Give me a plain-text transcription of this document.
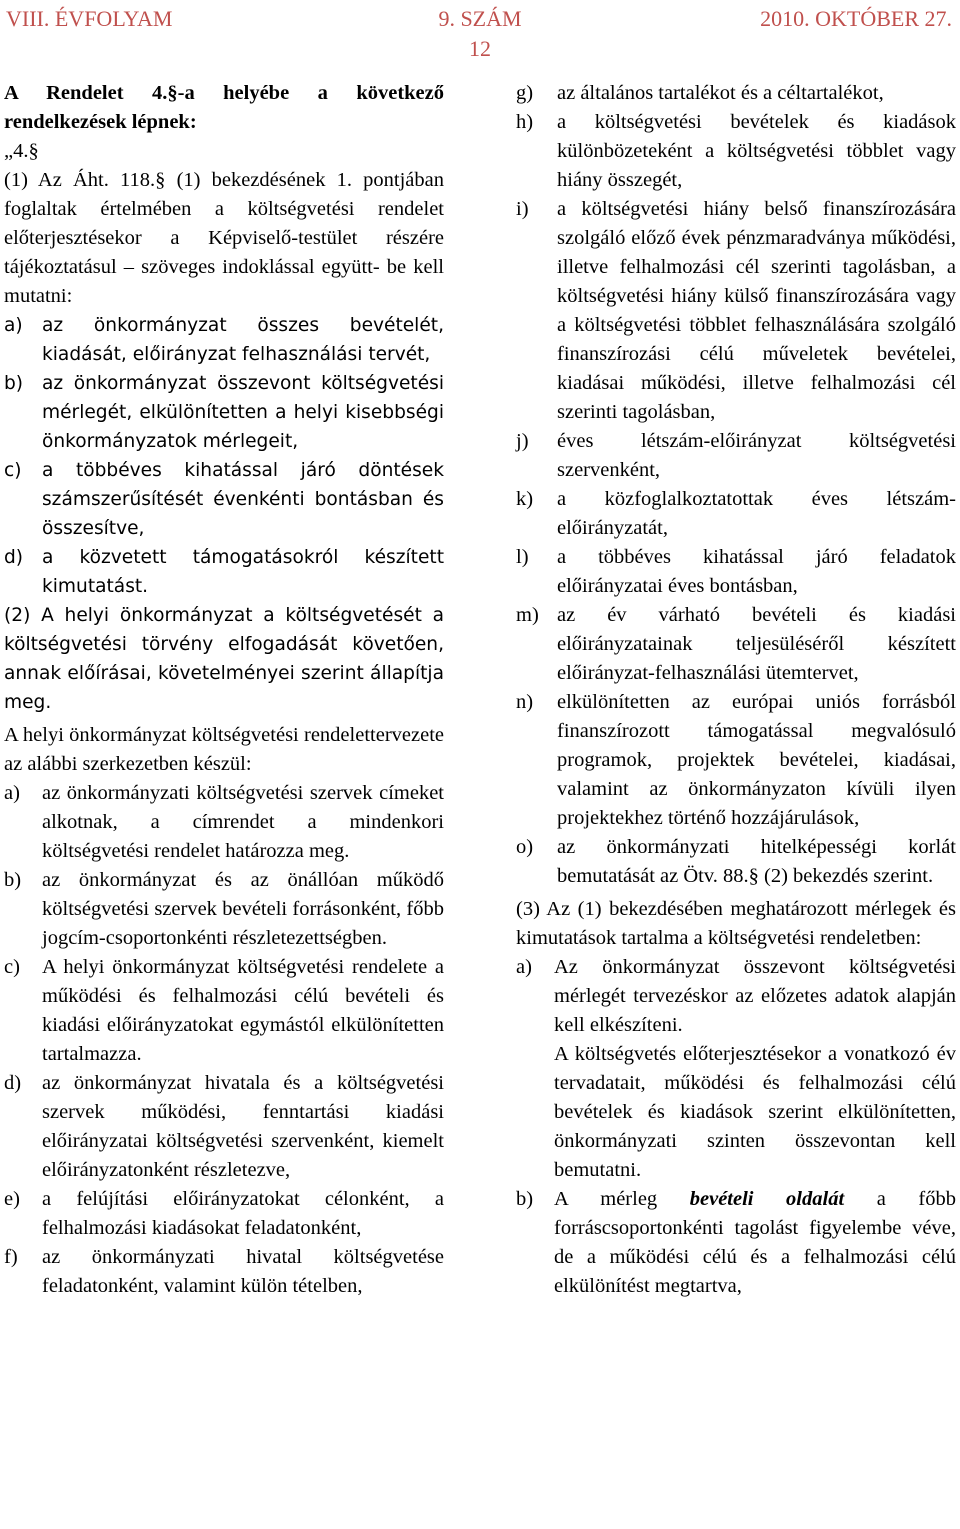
VIII. ÉVFOLYAM	9. SZÁM	2010. OKTÓBER 27.
12

A Rendelet 4.§-a helyébe a következő rendelkezések lépnek:

„4.§

(1) Az Áht. 118.§ (1) bekezdésének 1. pontjában foglaltak értelmében a költségvetési rendelet előterjesztésekor a Képviselő-testület részére tájékoztatásul – szöveges indoklással együtt- be kell mutatni:

a)	az önkormányzat összes bevételét, kiadását, előirányzat felhasználási tervét,
b)	az önkormányzat összevont költségvetési mérlegét, elkülönítetten a helyi kisebbségi önkormányzatok mérlegeit,
c)	a többéves kihatással járó döntések számszerűsítését évenkénti bontásban és összesítve,
d)	a közvetett támogatásokról készített kimutatást.

(2) A helyi önkormányzat a költségvetését a költségvetési törvény elfogadását követően, annak előírásai, követelményei szerint állapítja meg.

A helyi önkormányzat költségvetési rendelettervezete az alábbi szerkezetben készül:

a)	az önkormányzati költségvetési szervek címeket alkotnak, a címrendet a mindenkori költségvetési rendelet határozza meg.
b)	az önkormányzat és az önállóan működő költségvetési szervek bevételi forrásonként, főbb jogcím-csoportonkénti részletezettségben.
c)	A helyi önkormányzat költségvetési rendelete a működési és felhalmozási célú bevételi és kiadási előirányzatokat egymástól elkülönítetten tartalmazza.
d)	az önkormányzat hivatala és a költségvetési szervek működési, fenntartási kiadási előirányzatai költségvetési szervenként, kiemelt előirányzatonként részletezve,
e)	a felújítási előirányzatokat célonként, a felhalmozási kiadásokat feladatonként,
f)	az önkormányzati hivatal költségvetése feladatonként, valamint külön tételben,
g)	az általános tartalékot és a céltartalékot,
h)	a költségvetési bevételek és kiadások különbözeteként a költségvetési többlet vagy hiány összegét,
i)	a költségvetési hiány belső finanszírozására szolgáló előző évek pénzmaradványa működési, illetve felhalmozási cél szerinti tagolásban, a költségvetési hiány külső finanszírozására vagy a költségvetési többlet felhasználására szolgáló finanszírozási célú műveletek bevételei, kiadásai működési, illetve felhalmozási cél szerinti tagolásban,
j)	éves létszám-előirányzat költségvetési szervenként,
k)	a közfoglalkoztatottak éves létszám-előirányzatát,
l)	a többéves kihatással járó feladatok előirányzatai éves bontásban,
m) az év várható bevételi és kiadási előirányzatainak teljesüléséről készített előirányzat-felhasználási ütemtervet,
n)	elkülönítetten az európai uniós forrásból finanszírozott támogatással megvalósuló programok, projektek bevételei, kiadásai, valamint az önkormányzaton kívüli ilyen projektekhez történő hozzájárulások,
o)	az önkormányzati hitelképességi korlát bemutatását az Ötv. 88.§ (2) bekezdés szerint.

(3) Az (1) bekezdésében meghatározott mérlegek és kimutatások tartalma a költségvetési rendeletben:

a)	Az önkormányzat összevont költségvetési mérlegét tervezéskor az előzetes adatok alapján kell elkészíteni.
A költségvetés előterjesztésekor a vonatkozó év tervadatait, működési és felhalmozási célú bevételek és kiadások szerint elkülönítetten, önkormányzati szinten összevontan kell bemutatni.
b)	A mérleg bevételi oldalát a főbb forráscsoportonkénti tagolást figyelembe véve, de a működési célú és a felhalmozási célú elkülönítést megtartva,
